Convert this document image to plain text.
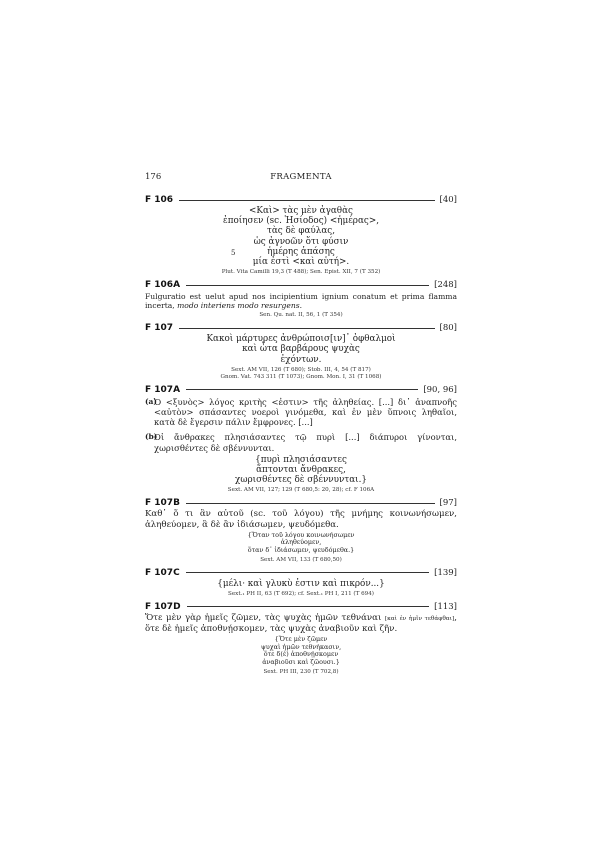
176	FRAGMENTA
F 106	[40]
<Καὶ> τὰς μὲν ἀγαθὰς
ἐποίησεν (sc. Ἡσίοδος) <ἡμέρας>,
τὰς δὲ φαύλας,
ὡς ἀγνοῶν ὅτι φύσιν
5	ἡμέρης ἁπάσης
μία ἐστὶ <καὶ αὑτή>.
Plut. Vita Camilli 19,3 (T 488); Sen. Epist. XII, 7 (T 352)
F 106A	[248]
Fulguratio est uelut apud nos incipientium ignium conatum et prima flamma incerta, modo interiens modo resurgens.
Sen. Qu. nat. II, 56, 1 (T 354)
F 107	[80]
Κακοὶ μάρτυρες ἀνθρώποισ[ιν]᾽ ὀφθαλμοὶ
καὶ ὦτα βαρβάρους ψυχὰς
ἐχόντων.
Sext. AM VII, 126 (T 680); Stob. III, 4, 54 (T 817)
Gnom. Vat. 743 311 (T 1073); Gnom. Mon. I, 31 (T 1068)
F 107A	[90, 96]
(a)
Ὁ <ξυνὸς> λόγος κριτὴς <ἐστιν> τῆς ἀληθείας. [...] δι᾽ ἀναπνοῆς <αὐτὸν> σπάσαντες νοεροὶ γινόμεθα, καὶ ἐν μὲν ὕπνοις ληθαῖοι, κατὰ δὲ ἔγερσιν πάλιν ἔμφρονες. [...]
(b)
Οἱ ἄνθρακες πλησιάσαντες τῷ πυρὶ [...] διάπυροι γίνονται, χωρισθέντες δὲ σβέννυνται.
{πυρὶ πλησιάσαντες
ἅπτονται ἄνθρακες,
χωρισθέντες δὲ σβέννυνται.}
Sext. AM VII, 127; 129 (T 680,5: 20, 28); cf. F 106A
F 107B	[97]
Καθ᾽ ὅ τι ἂν αὐτοῦ (sc. τοῦ λόγου) τῆς μνήμης κοινωνήσωμεν, ἀληθεύομεν, ἃ δὲ ἂν ἰδιάσωμεν, ψευδόμεθα.
{Ὅταν τοῦ λόγου κοινωνήσωμεν
ἀληθεύομεν,
ὅταν δ᾽ ἰδιάσωμεν, ψευδόμεθα.}
Sext. AM VII, 133 (T 680,50)
F 107C	[139]
{μέλι· καὶ γλυκὺ ἐστιν καὶ πικρόν...}
Sext.₁ PH II, 63 (T 692); cf. Sext.₁ PH I, 211 (T 694)
F 107D	[113]
Ὅτε μὲν γὰρ ἡμεῖς ζῶμεν, τὰς ψυχὰς ἡμῶν τεθνάναι [καὶ ἐν ἡμῖν τεθάφθαι], ὅτε δὲ ἡμεῖς ἀποθνῄσκομεν, τὰς ψυχὰς ἀναβιοῦν καὶ ζῆν.
{Ὅτε μὲν ζῶμεν
ψυχαὶ ἡμῶν τεθνήκασιν,
ὅτε δ(ὲ) ἀποθνῄσκομεν
ἀναβιοῦσι καὶ ζῶουσι.}
Sext. PH III, 230 (T 702,8)
